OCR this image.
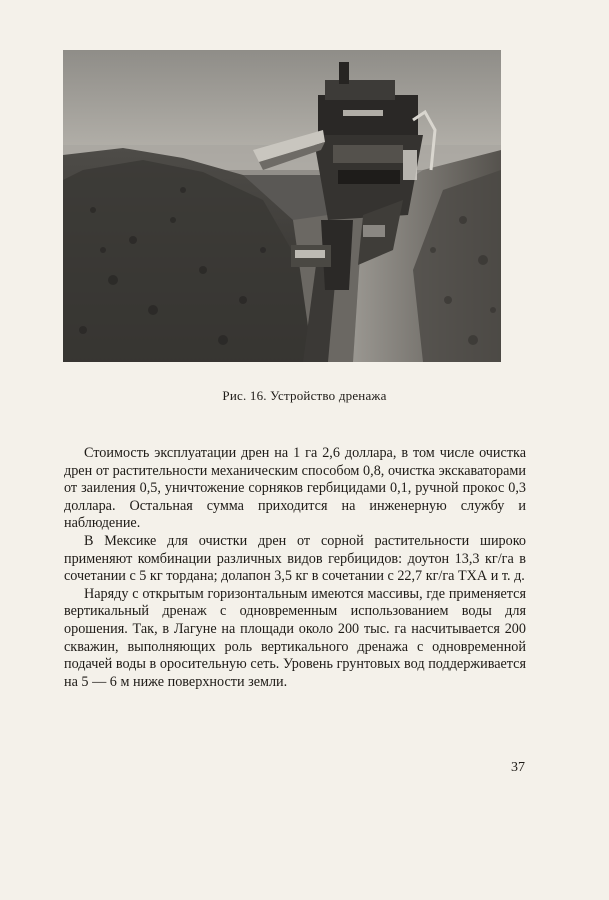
Рис. 16. Устройство дренажа

Стоимость эксплуатации дрен на 1 га 2,6 доллара, в том числе очистка дрен от растительности механическим способом 0,8, очистка экскаваторами от заиления 0,5, уничтожение сорняков гербицидами 0,1, ручной прокос 0,3 доллара. Остальная сумма приходится на инженерную службу и наблюдение.

В Мексике для очистки дрен от сорной растительности широко применяют комбинации различных видов гербицидов: доутон 13,3 кг/га в сочетании с 5 кг тордана; долапон 3,5 кг в сочетании с 22,7 кг/га ТХА и т. д.

Наряду с открытым горизонтальным имеются массивы, где применяется вертикальный дренаж с одновременным использованием воды для орошения. Так, в Лагуне на площади около 200 тыс. га насчитывается 200 скважин, выполняющих роль вертикального дренажа с одновременной подачей воды в оросительную сеть. Уровень грунтовых вод поддерживается на 5 — 6 м ниже поверхности земли.

37
